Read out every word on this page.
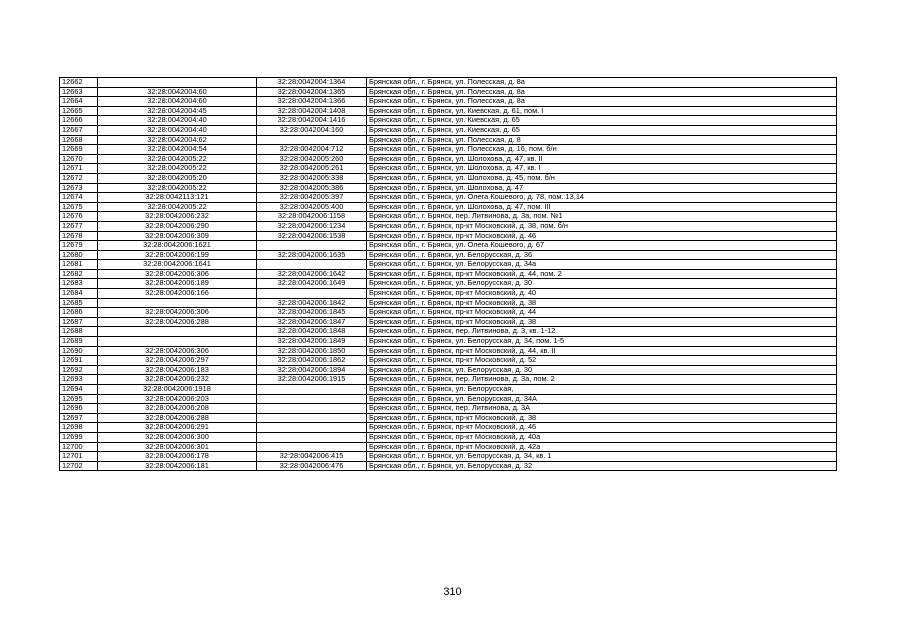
12662		32:28:0042004:1364	Брянская обл., г. Брянск, ул. Полесская, д. 8а
12663	32:28:0042004:60	32:28:0042004:1365	Брянская обл., г. Брянск, ул. Полесская, д. 8а
12664	32:28:0042004:60	32:28:0042004:1366	Брянская обл., г. Брянск, ул. Полесская, д. 8а
12665	32:28:0042004:45	32:28:0042004:1408	Брянская обл., г. Брянск, ул. Киевская, д. 61, пом. I
12666	32:28:0042004:40	32:28:0042004:1416	Брянская обл., г. Брянск, ул. Киевская, д. 65
12667	32:28:0042004:40	32:28:0042004:160	Брянская обл., г. Брянск, ул. Киевская, д. 65
12668	32:28:0042004:62		Брянская обл., г. Брянск, ул. Полесская, д. 8
12669	32:28:0042004:54	32:28:0042004:712	Брянская обл., г. Брянск, ул. Полесская, д. 16, пом. б/н
12670	32:28:0042005:22	32:28:0042005:260	Брянская обл., г. Брянск, ул. Шолохова, д. 47, кв. II
12671	32:28:0042005:22	32:28:0042005:261	Брянская обл., г. Брянск, ул. Шолохова, д. 47, кв. I
12672	32:28:0042005:20	32:28:0042005:338	Брянская обл., г. Брянск, ул. Шолохова, д. 45, пом. б/н
12673	32:28:0042005:22	32:28:0042005:386	Брянская обл., г. Брянск, ул. Шолохова, д. 47
12674	32:28:0042113:121	32:28:0042005:397	Брянская обл., г. Брянск, ул. Олега Кошевого, д. 78, пом. 13,14
12675	32:28:0042005:22	32:28:0042005:400	Брянская обл., г. Брянск, ул. Шолохова, д. 47, пом. III
12676	32:28:0042006:232	32:28:0042006:1158	Брянская обл., г. Брянск, пер. Литвинова, д. 3а, пом. №1
12677	32:28:0042006:290	32:28:0042006:1234	Брянская обл., г. Брянск, пр-кт Московский, д. 38, пом. б/н
12678	32:28:0042006:309	32:28:0042006:1538	Брянская обл., г. Брянск, пр-кт Московский, д. 46
12679	32:28:0042006:1621		Брянская обл., г. Брянск, ул. Олега Кошевого, д. 67
12680	32:28:0042006:199	32:28:0042006:1635	Брянская обл., г. Брянск, ул. Белорусская, д. 36
12681	32:28:0042006:1641		Брянская обл., г. Брянск, ул. Белорусская, д. 34а
12682	32:28:0042006:306	32:28:0042006:1642	Брянская обл., г. Брянск, пр-кт Московский, д. 44, пом. 2
12683	32:28:0042006:189	32:28:0042006:1649	Брянская обл., г. Брянск, ул. Белорусская, д. 30
12684	32:28:0042006:166		Брянская обл., г. Брянск, пр-кт Московский, д. 40
12685		32:28:0042006:1842	Брянская обл., г. Брянск, пр-кт Московский, д. 38
12686	32:28:0042006:306	32:28:0042006:1845	Брянская обл., г. Брянск, пр-кт Московский, д. 44
12687	32:28:0042006:288	32:28:0042006:1847	Брянская обл., г. Брянск, пр-кт Московский, д. 38
12688		32:28:0042006:1848	Брянская обл., г. Брянск, пер. Литвинова, д. 3, кв. 1-12
12689		32:28:0042006:1849	Брянская обл., г. Брянск, ул. Белорусская, д. 34, пом. 1-5
12690	32:28:0042006:306	32:28:0042006:1850	Брянская обл., г. Брянск, пр-кт Московский, д. 44, кв. II
12691	32:28:0042006:297	32:28:0042006:1862	Брянская обл., г. Брянск, пр-кт Московский, д. 52
12692	32:28:0042006:183	32:28:0042006:1894	Брянская обл., г. Брянск, ул. Белорусская, д. 30
12693	32:28:0042006:232	32:28:0042006:1915	Брянская обл., г. Брянск, пер. Литвинова, д. 3а, пом. 2
12694	32:28:0042006:1918		Брянская обл., г. Брянск, ул. Белорусская,
12695	32:28:0042006:203		Брянская обл., г. Брянск, ул. Белорусская, д. 34А
12696	32:28:0042006:208		Брянская обл., г. Брянск, пер. Литвинова, д. 3А
12697	32:28:0042006:288		Брянская обл., г. Брянск, пр-кт Московский, д. 38
12698	32:28:0042006:291		Брянская обл., г. Брянск, пр-кт Московский, д. 46
12699	32:28:0042006:300		Брянская обл., г. Брянск, пр-кт Московский, д. 40а
12700	32:28:0042006:301		Брянская обл., г. Брянск, пр-кт Московский, д. 42а
12701	32:28:0042006:178	32:28:0042006:415	Брянская обл., г. Брянск, ул. Белорусская, д. 34, кв. 1
12702	32:28:0042006:181	32:28:0042006:476	Брянская обл., г. Брянск, ул. Белорусская, д. 32
310
